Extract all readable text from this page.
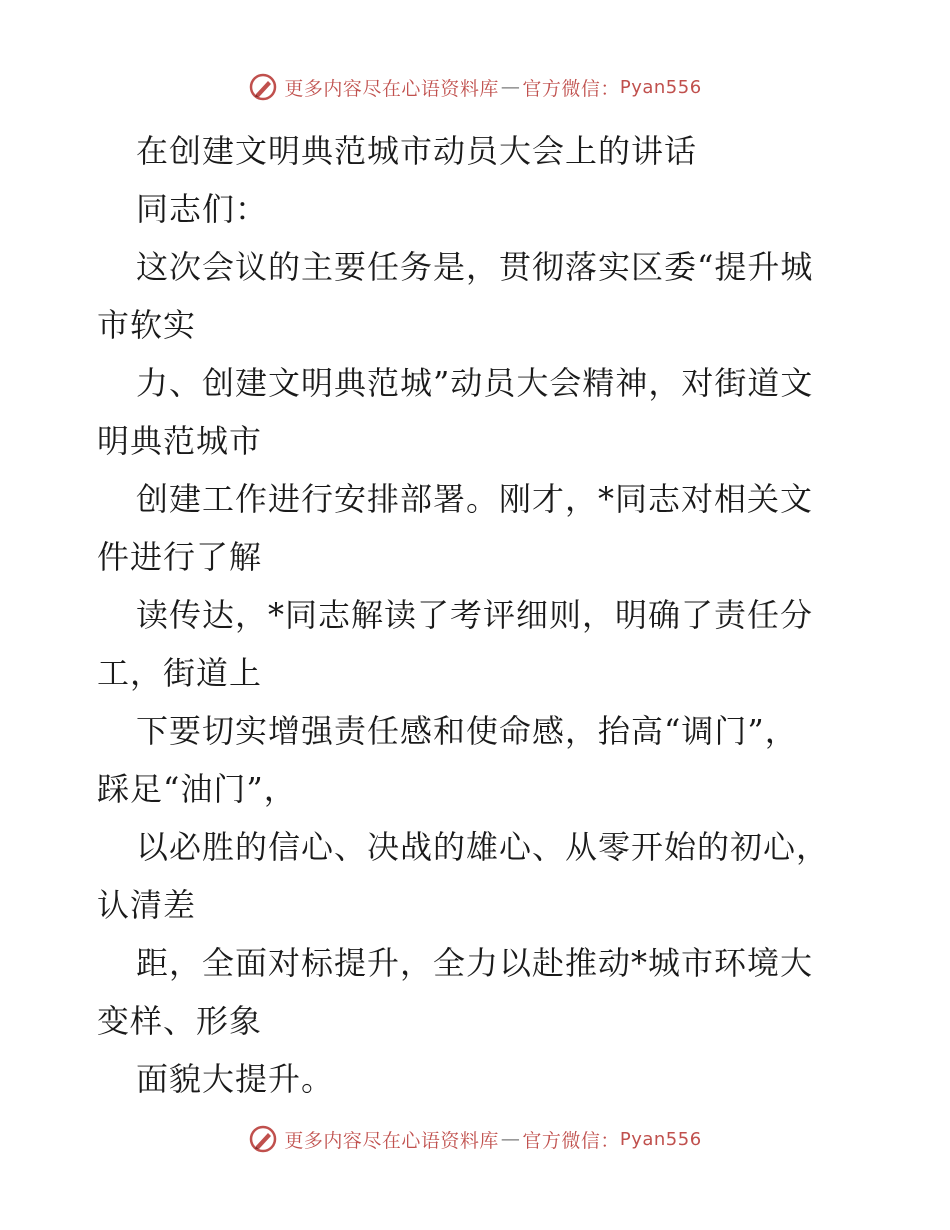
更多内容尽在心语资料库 — 官方微信： Pyan556
在创建文明典范城市动员大会上的讲话
同志们：
这次会议的主要任务是，贯彻落实区委“提升城
市软实
力、创建文明典范城”动员大会精神，对街道文
明典范城市
创建工作进行安排部署。刚才，*同志对相关文
件进行了解
读传达，*同志解读了考评细则，明确了责任分
工，街道上
下要切实增强责任感和使命感，抬高“调门”，
踩足“油门”，
以必胜的信心、决战的雄心、从零开始的初心，
认清差
距，全面对标提升，全力以赴推动*城市环境大
变样、形象
面貌大提升。
更多内容尽在心语资料库 — 官方微信： Pyan556
